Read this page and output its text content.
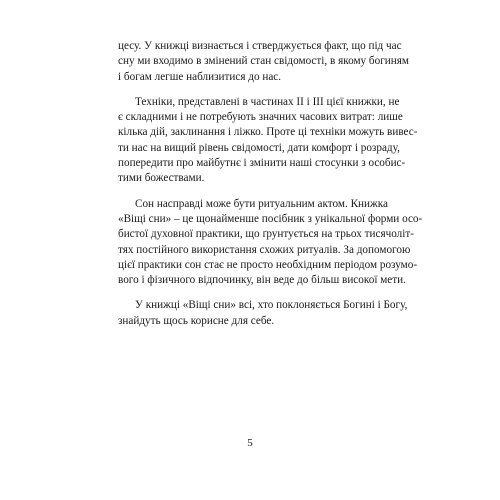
цесу. У книжці визнається і стверджується факт, що під час
сну ми входимо в змінений стан свідомості, в якому богиням
і богам легше наблизитися до нас.

Техніки, представлені в частинах II і III цієї книжки, не
є складними і не потребують значних часових витрат: лише
кілька дій, заклинання і ліжко. Проте ці техніки можуть вивес-
ти нас на вищий рівень свідомості, дати комфорт і розраду,
попередити про майбутнє і змінити наші стосунки з особис-
тими божествами.

Сон насправді може бути ритуальним актом. Книжка
«Віщі сни» – це щонайменше посібник з унікальної форми осо-
бистої духовної практики, що ґрунтується на трьох тисячоліт-
тях постійного використання схожих ритуалів. За допомогою
цієї практики сон стає не просто необхідним періодом розумо-
вого і фізичного відпочинку, він веде до більш високої мети.

У книжці «Віщі сни» всі, хто поклоняється Богині і Богу,
знайдуть щось корисне для себе.

5
